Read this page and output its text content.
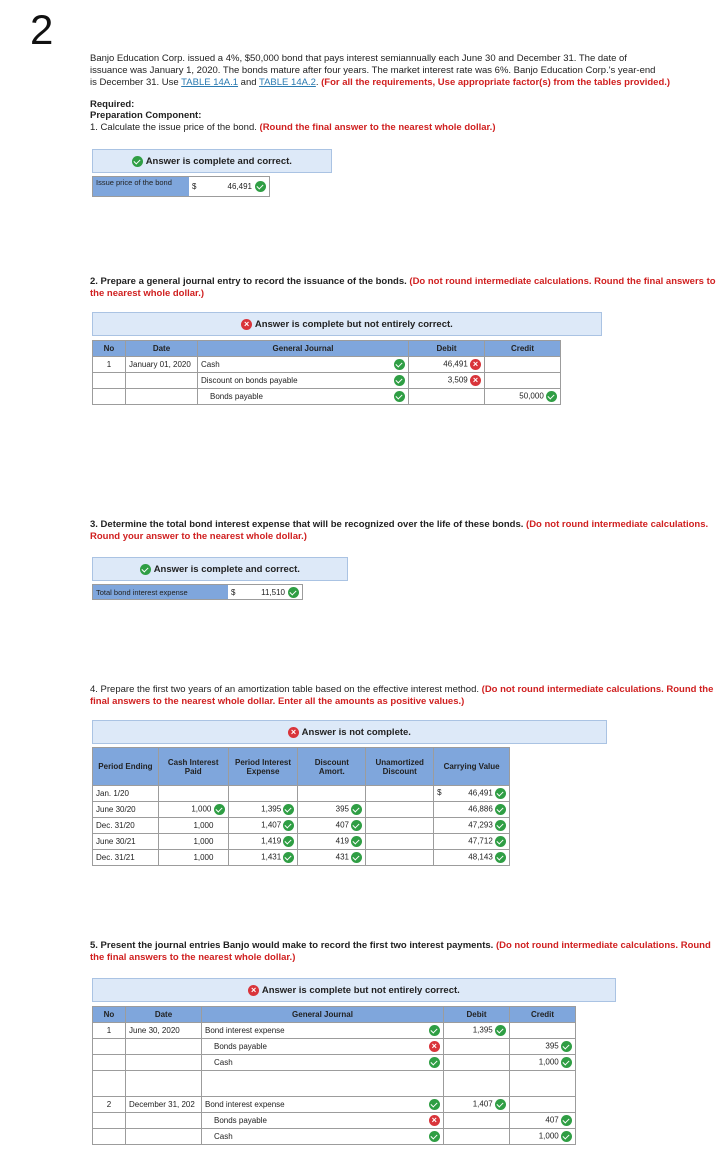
2
Banjo Education Corp. issued a 4%, $50,000 bond that pays interest semiannually each June 30 and December 31. The date of
issuance was January 1, 2020. The bonds mature after four years. The market interest rate was 6%. Banjo Education Corp.'s year-end
is December 31. Use TABLE 14A.1 and TABLE 14A.2. (For all the requirements, Use appropriate factor(s) from the tables provided.)
Required:
Preparation Component:
1. Calculate the issue price of the bond. (Round the final answer to the nearest whole dollar.)

Answer is complete and correct.
Issue price of the bond	$	46,491
2. Prepare a general journal entry to record the issuance of the bonds. (Do not round intermediate calculations. Round the final answers to the nearest whole dollar.)
×

Answer is complete but not entirely correct.
No	Date	General Journal		Debit	Credit
1	January 01, 2020	Cash		46,491 ×	
		Discount on bonds payable		3,509 ×	
		Bonds payable			50,000
3. Determine the total bond interest expense that will be recognized over the life of these bonds. (Do not round intermediate calculations. Round your answer to the nearest whole dollar.)

Answer is complete and correct.
Total bond interest expense	$	11,510
4. Prepare the first two years of an amortization table based on the effective interest method. (Do not round intermediate calculations. Round the final answers to the nearest whole dollar. Enter all the amounts as positive values.)
×

Answer is not complete.
Period Ending	Cash Interest Paid	Period Interest Expense	Discount Amort.	Unamortized Discount	Carrying Value
Jan. 1/20					$ 46,491
June 30/20	1,000	1,395	395		46,886
Dec. 31/20	1,000	1,407	407		47,293
June 30/21	1,000	1,419	419		47,712
Dec. 31/21	1,000	1,431	431		48,143
5. Present the journal entries Banjo would make to record the first two interest payments. (Do not round intermediate calculations. Round the final answers to the nearest whole dollar.)
×

Answer is complete but not entirely correct.
No	Date	General Journal		Debit	Credit
1	June 30, 2020	Bond interest expense		1,395	
		Bonds payable	×		395
		Cash			1,000

2	December 31, 202	Bond interest expense		1,407	
		Bonds payable	×		407
		Cash			1,000
